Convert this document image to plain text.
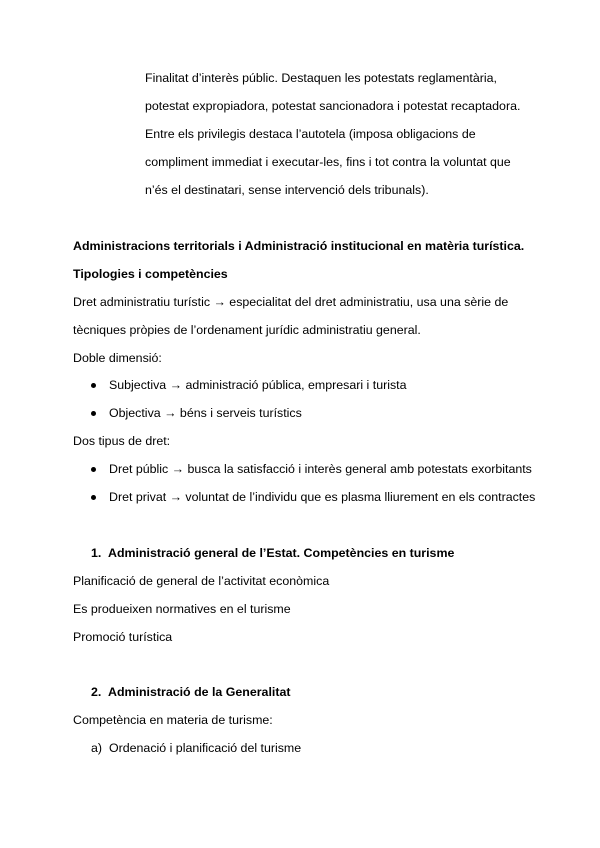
Finalitat d’interès públic. Destaquen les potestats reglamentària,
potestat expropiadora, potestat sancionadora i potestat recaptadora.
Entre els privilegis destaca l’autotela (imposa obligacions de
compliment immediat i executar-les, fins i tot contra la voluntat que
n’és el destinatari, sense intervenció dels tribunals).
Administracions territorials i Administració institucional en matèria turística.
Tipologies i competències
Dret administratiu turístic → especialitat del dret administratiu, usa una sèrie de
tècniques pròpies de l’ordenament jurídic administratiu general.
Doble dimensió:
Subjectiva → administració pública, empresari i turista
Objectiva → béns i serveis turístics
Dos tipus de dret:
Dret públic → busca la satisfacció i interès general amb potestats exorbitants
Dret privat → voluntat de l’individu que es plasma lliurement en els contractes
1. Administració general de l’Estat. Competències en turisme
Planificació de general de l’activitat econòmica
Es produeixen normatives en el turisme
Promoció turística
2. Administració de la Generalitat
Competència en materia de turisme:
a) Ordenació i planificació del turisme
